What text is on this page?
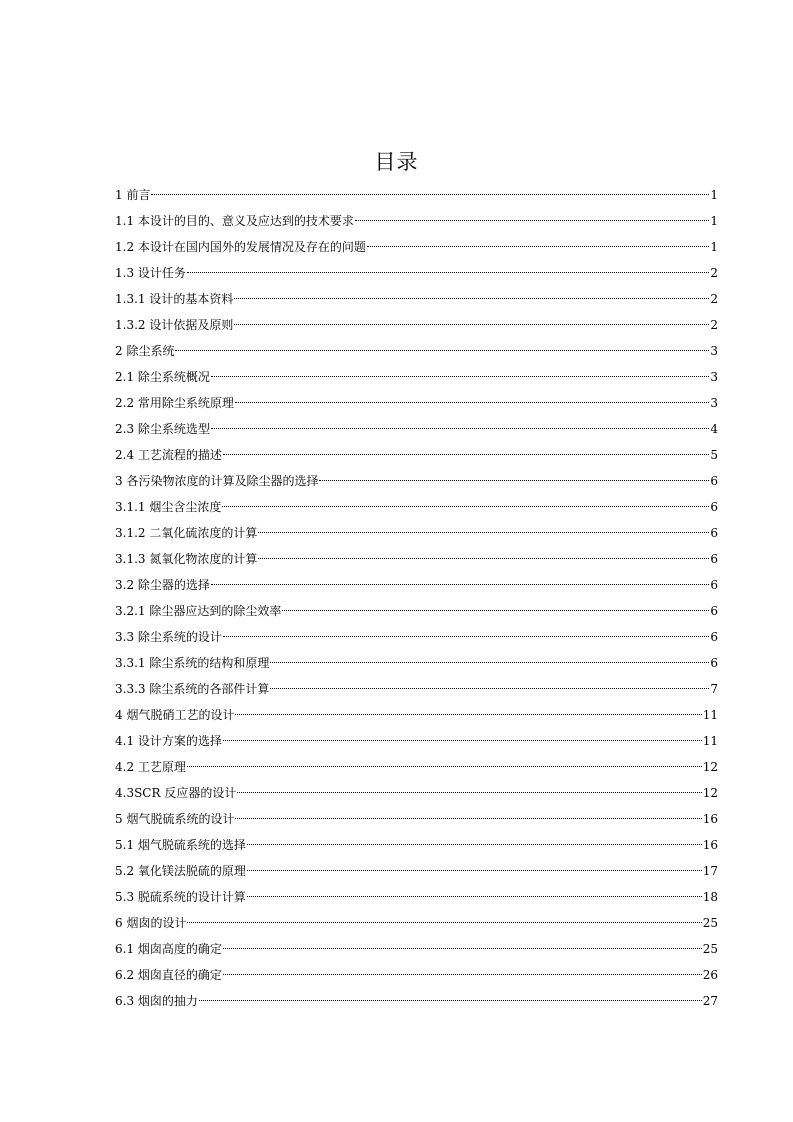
目录
1 前言	1
1.1 本设计的目的、意义及应达到的技术要求	1
1.2 本设计在国内国外的发展情况及存在的问题	1
1.3 设计任务	2
1.3.1 设计的基本资料	2
1.3.2 设计依据及原则	2
2 除尘系统	3
2.1 除尘系统概况	3
2.2 常用除尘系统原理	3
2.3 除尘系统选型	4
2.4 工艺流程的描述	5
3 各污染物浓度的计算及除尘器的选择	6
3.1.1 烟尘含尘浓度	6
3.1.2 二氧化硫浓度的计算	6
3.1.3 氮氧化物浓度的计算	6
3.2 除尘器的选择	6
3.2.1 除尘器应达到的除尘效率	6
3.3 除尘系统的设计	6
3.3.1 除尘系统的结构和原理	6
3.3.3 除尘系统的各部件计算	7
4 烟气脱硝工艺的设计	11
4.1 设计方案的选择	11
4.2 工艺原理	12
4.3SCR 反应器的设计	12
5 烟气脱硫系统的设计	16
5.1 烟气脱硫系统的选择	16
5.2 氧化镁法脱硫的原理	17
5.3 脱硫系统的设计计算	18
6 烟囱的设计	25
6.1 烟囱高度的确定	25
6.2 烟囱直径的确定	26
6.3 烟囱的抽力	27
